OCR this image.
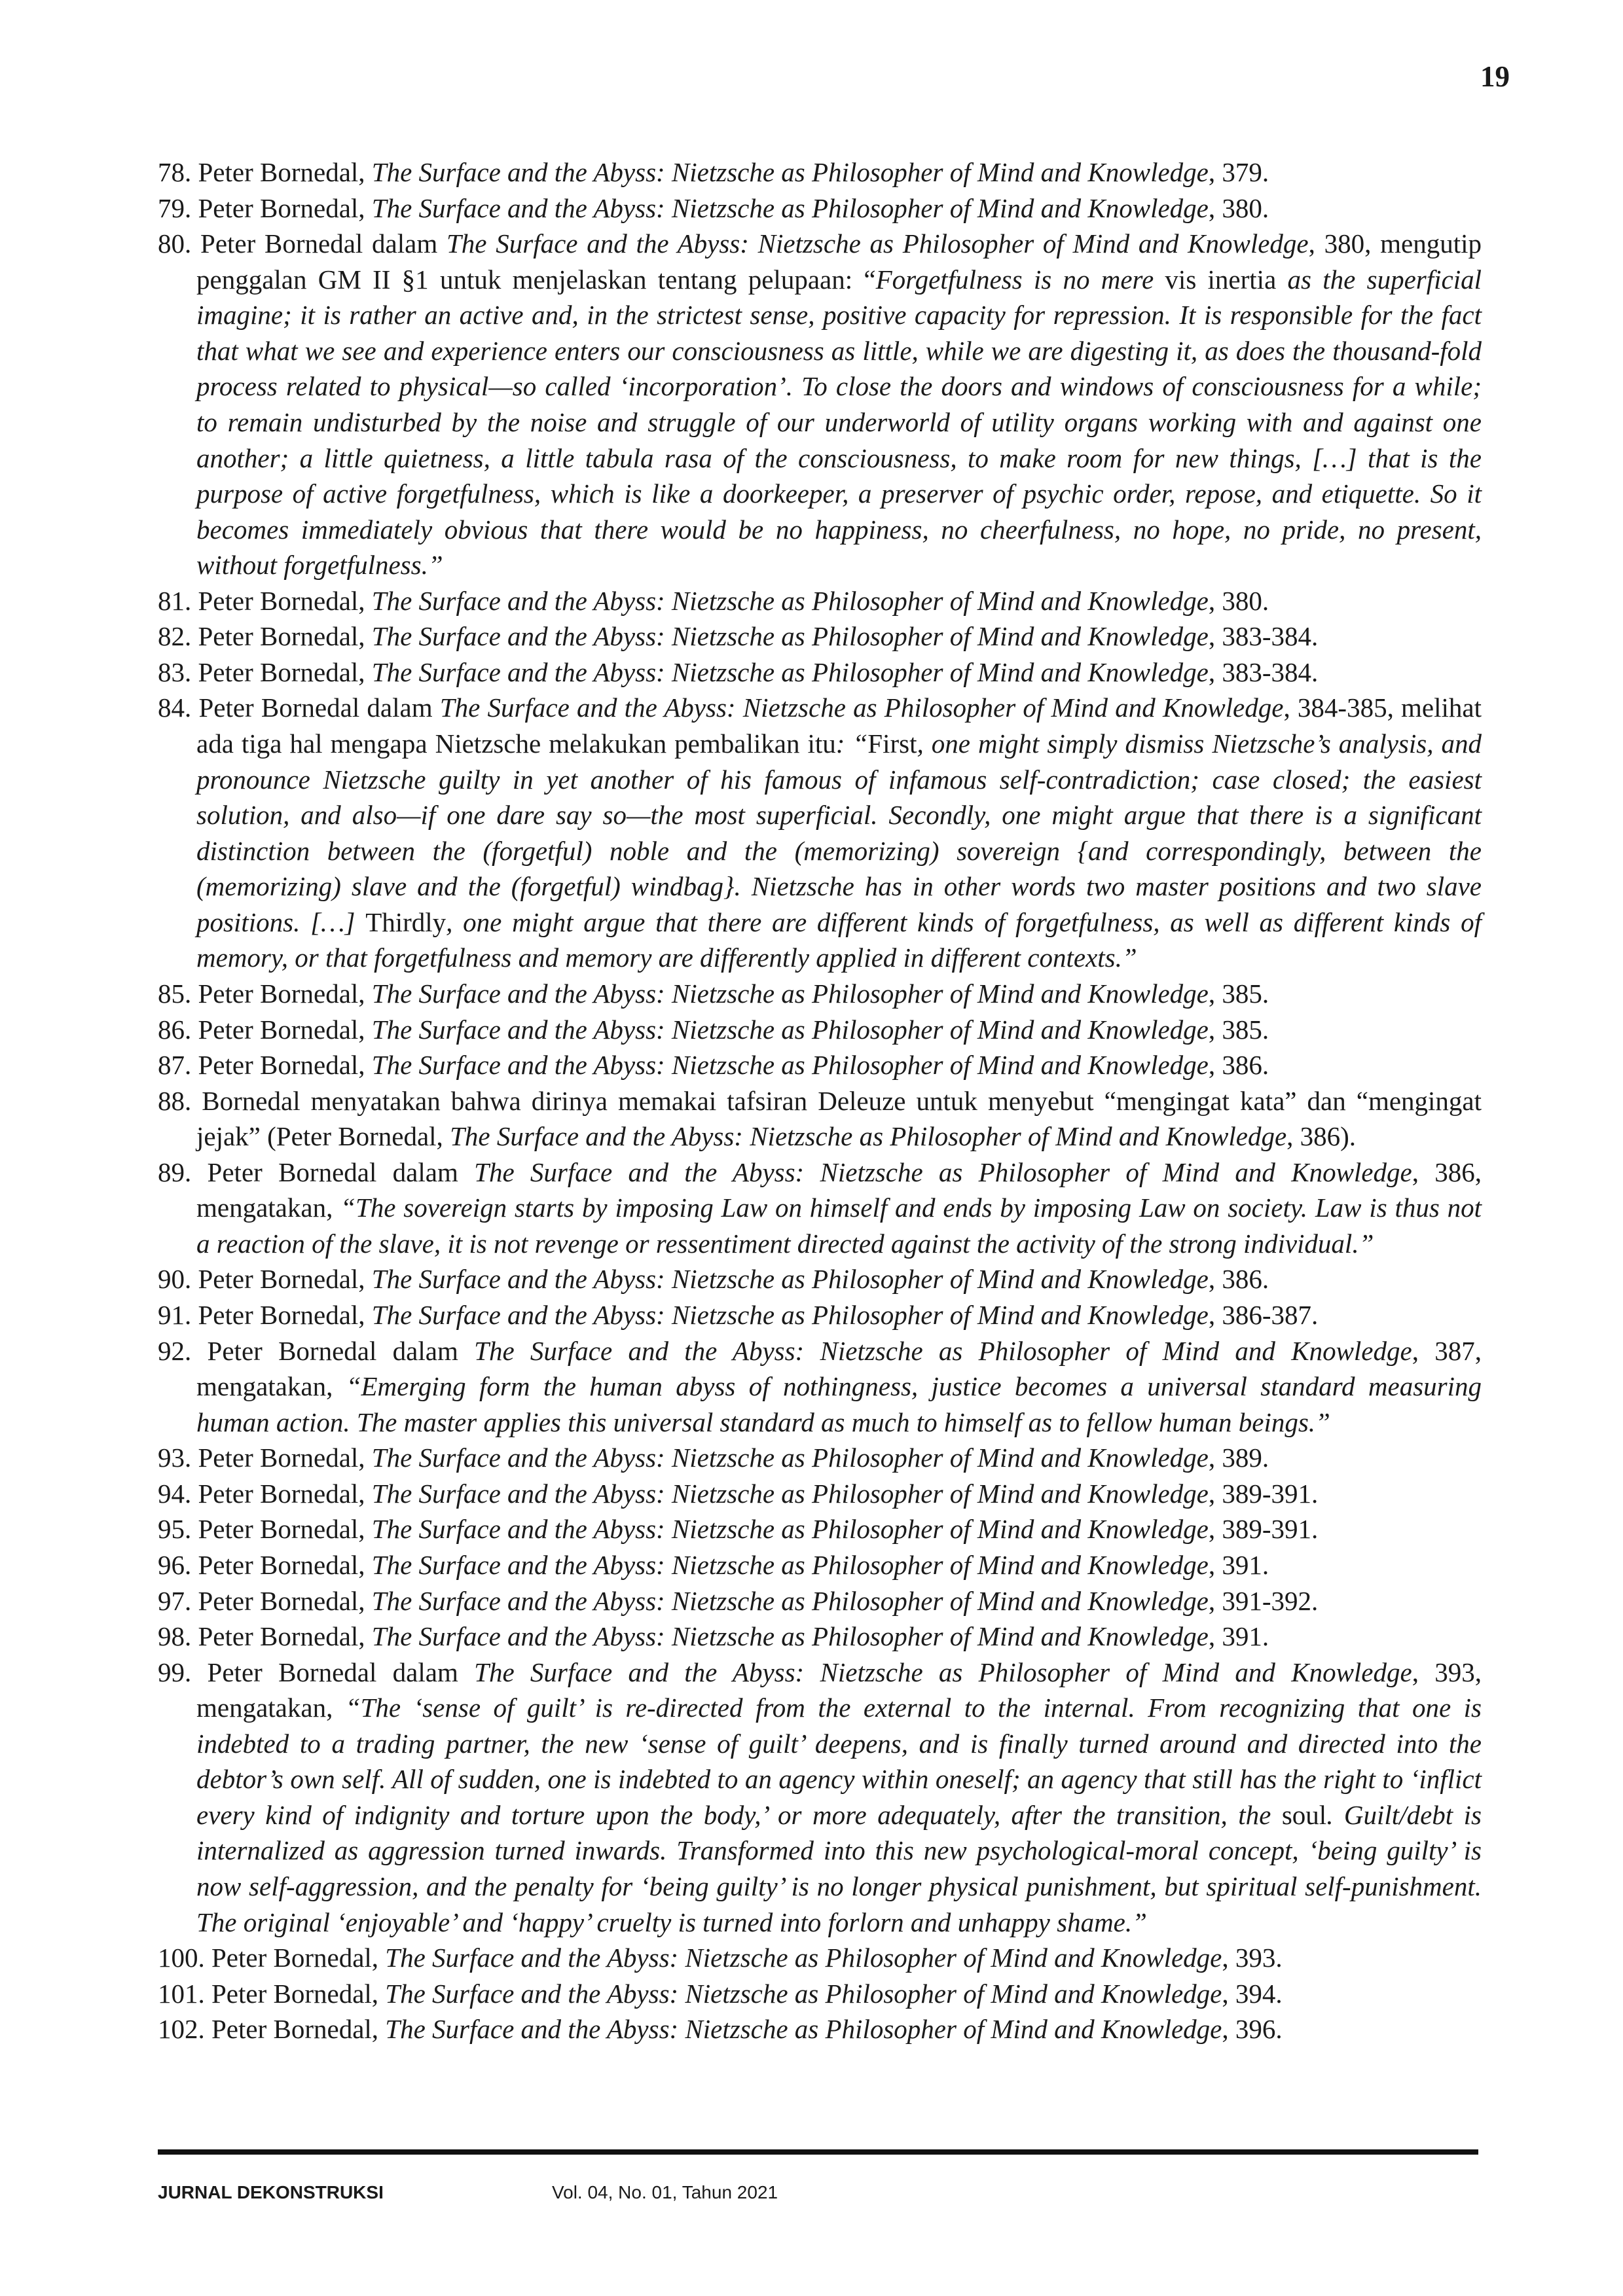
19
78. Peter Bornedal, The Surface and the Abyss: Nietzsche as Philosopher of Mind and Knowledge, 379.
79. Peter Bornedal, The Surface and the Abyss: Nietzsche as Philosopher of Mind and Knowledge, 380.
80. Peter Bornedal dalam The Surface and the Abyss: Nietzsche as Philosopher of Mind and Knowledge, 380, mengutip
penggalan GM II §1 untuk menjelaskan tentang pelupaan: “Forgetfulness is no mere vis inertia as the superficial
imagine; it is rather an active and, in the strictest sense, positive capacity for repression. It is responsible for the fact
that what we see and experience enters our consciousness as little, while we are digesting it, as does the thousand-fold
process related to physical—so called ‘incorporation’. To close the doors and windows of consciousness for a while;
to remain undisturbed by the noise and struggle of our underworld of utility organs working with and against one
another; a little quietness, a little tabula rasa of the consciousness, to make room for new things, […] that is the
purpose of active forgetfulness, which is like a doorkeeper, a preserver of psychic order, repose, and etiquette. So it
becomes immediately obvious that there would be no happiness, no cheerfulness, no hope, no pride, no present,
without forgetfulness.”
81. Peter Bornedal, The Surface and the Abyss: Nietzsche as Philosopher of Mind and Knowledge, 380.
82. Peter Bornedal, The Surface and the Abyss: Nietzsche as Philosopher of Mind and Knowledge, 383-384.
83. Peter Bornedal, The Surface and the Abyss: Nietzsche as Philosopher of Mind and Knowledge, 383-384.
84. Peter Bornedal dalam The Surface and the Abyss: Nietzsche as Philosopher of Mind and Knowledge, 384-385, melihat
ada tiga hal mengapa Nietzsche melakukan pembalikan itu: “First, one might simply dismiss Nietzsche’s analysis, and
pronounce Nietzsche guilty in yet another of his famous of infamous self-contradiction; case closed; the easiest
solution, and also—if one dare say so—the most superficial. Secondly, one might argue that there is a significant
distinction between the (forgetful) noble and the (memorizing) sovereign {and correspondingly, between the
(memorizing) slave and the (forgetful) windbag}. Nietzsche has in other words two master positions and two slave
positions. […] Thirdly, one might argue that there are different kinds of forgetfulness, as well as different kinds of
memory, or that forgetfulness and memory are differently applied in different contexts.”
85. Peter Bornedal, The Surface and the Abyss: Nietzsche as Philosopher of Mind and Knowledge, 385.
86. Peter Bornedal, The Surface and the Abyss: Nietzsche as Philosopher of Mind and Knowledge, 385.
87. Peter Bornedal, The Surface and the Abyss: Nietzsche as Philosopher of Mind and Knowledge, 386.
88. Bornedal menyatakan bahwa dirinya memakai tafsiran Deleuze untuk menyebut “mengingat kata” dan “mengingat
jejak” (Peter Bornedal, The Surface and the Abyss: Nietzsche as Philosopher of Mind and Knowledge, 386).
89. Peter Bornedal dalam The Surface and the Abyss: Nietzsche as Philosopher of Mind and Knowledge, 386,
mengatakan, “The sovereign starts by imposing Law on himself and ends by imposing Law on society. Law is thus not
a reaction of the slave, it is not revenge or ressentiment directed against the activity of the strong individual.”
90. Peter Bornedal, The Surface and the Abyss: Nietzsche as Philosopher of Mind and Knowledge, 386.
91. Peter Bornedal, The Surface and the Abyss: Nietzsche as Philosopher of Mind and Knowledge, 386-387.
92. Peter Bornedal dalam The Surface and the Abyss: Nietzsche as Philosopher of Mind and Knowledge, 387,
mengatakan, “Emerging form the human abyss of nothingness, justice becomes a universal standard measuring
human action. The master applies this universal standard as much to himself as to fellow human beings.”
93. Peter Bornedal, The Surface and the Abyss: Nietzsche as Philosopher of Mind and Knowledge, 389.
94. Peter Bornedal, The Surface and the Abyss: Nietzsche as Philosopher of Mind and Knowledge, 389-391.
95. Peter Bornedal, The Surface and the Abyss: Nietzsche as Philosopher of Mind and Knowledge, 389-391.
96. Peter Bornedal, The Surface and the Abyss: Nietzsche as Philosopher of Mind and Knowledge, 391.
97. Peter Bornedal, The Surface and the Abyss: Nietzsche as Philosopher of Mind and Knowledge, 391-392.
98. Peter Bornedal, The Surface and the Abyss: Nietzsche as Philosopher of Mind and Knowledge, 391.
99. Peter Bornedal dalam The Surface and the Abyss: Nietzsche as Philosopher of Mind and Knowledge, 393,
mengatakan, “The ‘sense of guilt’ is re-directed from the external to the internal. From recognizing that one is
indebted to a trading partner, the new ‘sense of guilt’ deepens, and is finally turned around and directed into the
debtor’s own self. All of sudden, one is indebted to an agency within oneself; an agency that still has the right to ‘inflict
every kind of indignity and torture upon the body,’ or more adequately, after the transition, the soul. Guilt/debt is
internalized as aggression turned inwards. Transformed into this new psychological-moral concept, ‘being guilty’ is
now self-aggression, and the penalty for ‘being guilty’ is no longer physical punishment, but spiritual self-punishment.
The original ‘enjoyable’ and ‘happy’ cruelty is turned into forlorn and unhappy shame.”
100. Peter Bornedal, The Surface and the Abyss: Nietzsche as Philosopher of Mind and Knowledge, 393.
101. Peter Bornedal, The Surface and the Abyss: Nietzsche as Philosopher of Mind and Knowledge, 394.
102. Peter Bornedal, The Surface and the Abyss: Nietzsche as Philosopher of Mind and Knowledge, 396.
JURNAL DEKONSTRUKSI	Vol. 04, No. 01, Tahun 2021
